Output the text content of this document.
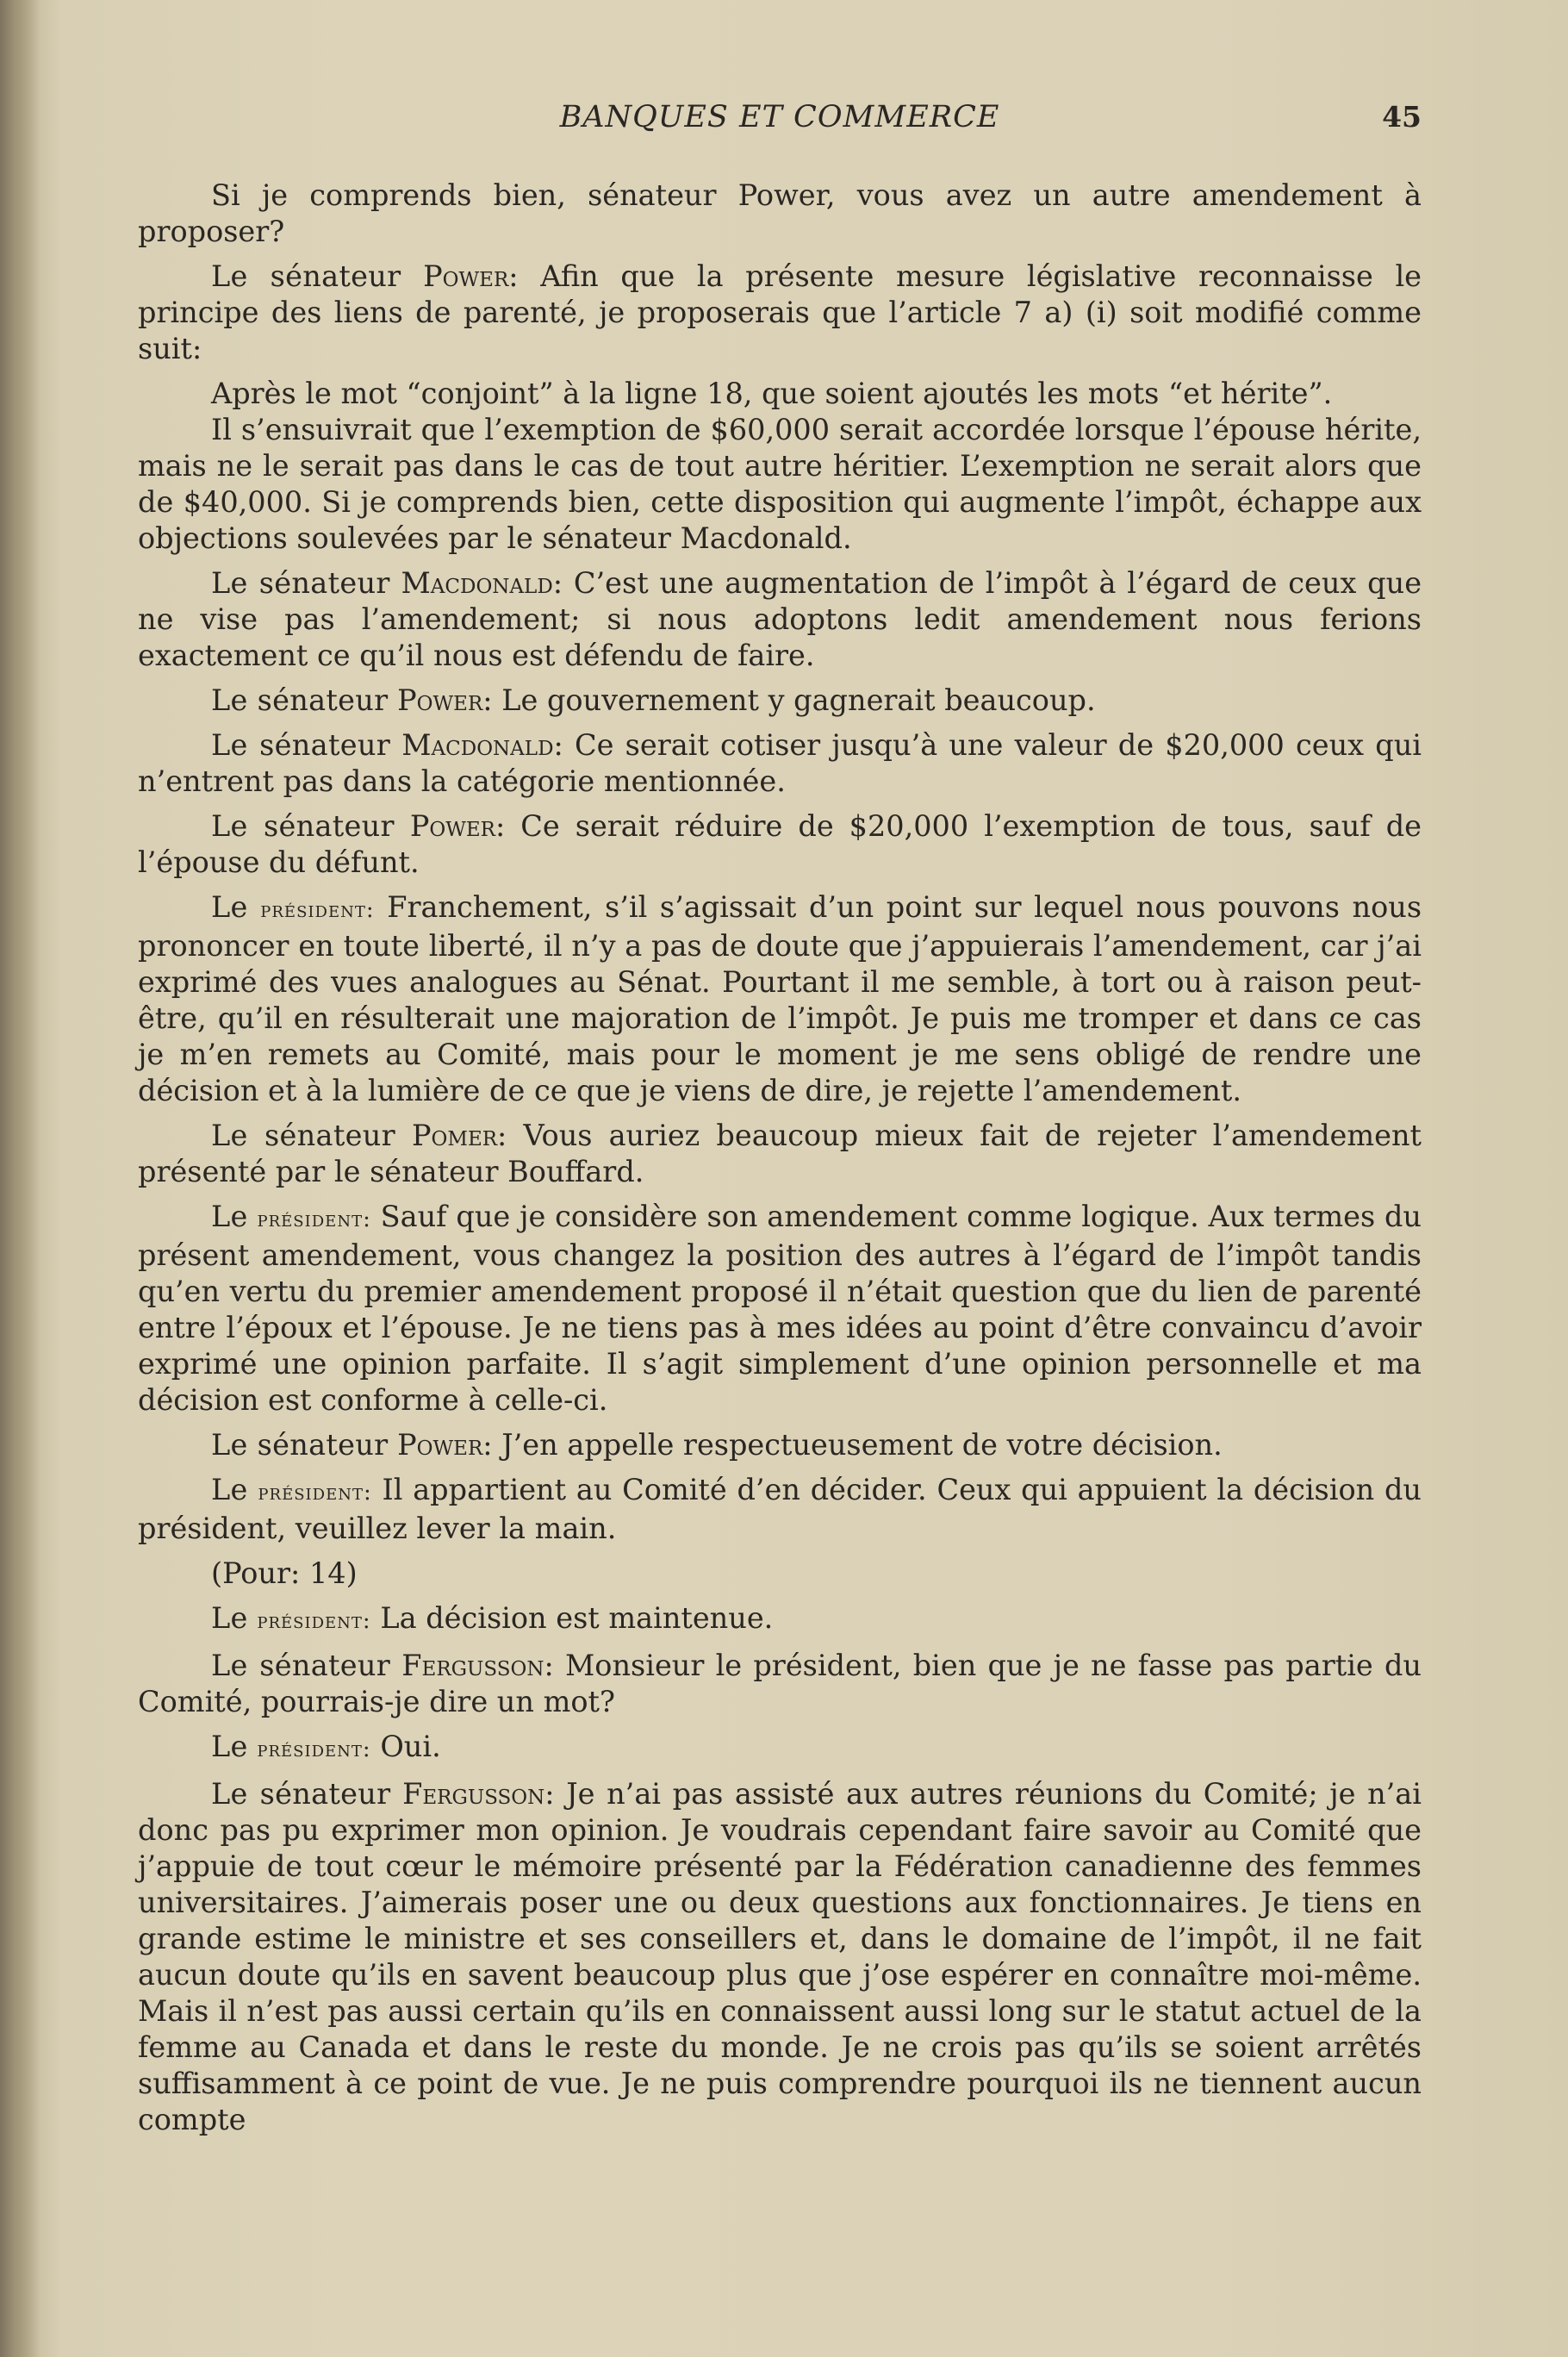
BANQUES ET COMMERCE	45

Si je comprends bien, sénateur Power, vous avez un autre amendement à proposer?

Le sénateur Power: Afin que la présente mesure législative reconnaisse le principe des liens de parenté, je proposerais que l’article 7 a) (i) soit modifié comme suit:

Après le mot “conjoint” à la ligne 18, que soient ajoutés les mots “et hérite”.

Il s’ensuivrait que l’exemption de $60,000 serait accordée lorsque l’épouse hérite, mais ne le serait pas dans le cas de tout autre héritier. L’exemption ne serait alors que de $40,000. Si je comprends bien, cette disposition qui augmente l’impôt, échappe aux objections soulevées par le sénateur Macdonald.

Le sénateur Macdonald: C’est une augmentation de l’impôt à l’égard de ceux que ne vise pas l’amendement; si nous adoptons ledit amendement nous ferions exactement ce qu’il nous est défendu de faire.

Le sénateur Power: Le gouvernement y gagnerait beaucoup.

Le sénateur Macdonald: Ce serait cotiser jusqu’à une valeur de $20,000 ceux qui n’entrent pas dans la catégorie mentionnée.

Le sénateur Power: Ce serait réduire de $20,000 l’exemption de tous, sauf de l’épouse du défunt.

Le président: Franchement, s’il s’agissait d’un point sur lequel nous pouvons nous prononcer en toute liberté, il n’y a pas de doute que j’appuierais l’amendement, car j’ai exprimé des vues analogues au Sénat. Pourtant il me semble, à tort ou à raison peut-être, qu’il en résulterait une majoration de l’impôt. Je puis me tromper et dans ce cas je m’en remets au Comité, mais pour le moment je me sens obligé de rendre une décision et à la lumière de ce que je viens de dire, je rejette l’amendement.

Le sénateur Pomer: Vous auriez beaucoup mieux fait de rejeter l’amendement présenté par le sénateur Bouffard.

Le président: Sauf que je considère son amendement comme logique. Aux termes du présent amendement, vous changez la position des autres à l’égard de l’impôt tandis qu’en vertu du premier amendement proposé il n’était question que du lien de parenté entre l’époux et l’épouse. Je ne tiens pas à mes idées au point d’être convaincu d’avoir exprimé une opinion parfaite. Il s’agit simplement d’une opinion personnelle et ma décision est conforme à celle-ci.

Le sénateur Power: J’en appelle respectueusement de votre décision.

Le président: Il appartient au Comité d’en décider. Ceux qui appuient la décision du président, veuillez lever la main.

(Pour: 14)

Le président: La décision est maintenue.

Le sénateur Fergusson: Monsieur le président, bien que je ne fasse pas partie du Comité, pourrais-je dire un mot?

Le président: Oui.

Le sénateur Fergusson: Je n’ai pas assisté aux autres réunions du Comité; je n’ai donc pas pu exprimer mon opinion. Je voudrais cependant faire savoir au Comité que j’appuie de tout cœur le mémoire présenté par la Fédération canadienne des femmes universitaires. J’aimerais poser une ou deux questions aux fonctionnaires. Je tiens en grande estime le ministre et ses conseillers et, dans le domaine de l’impôt, il ne fait aucun doute qu’ils en savent beaucoup plus que j’ose espérer en connaître moi-même. Mais il n’est pas aussi certain qu’ils en connaissent aussi long sur le statut actuel de la femme au Canada et dans le reste du monde. Je ne crois pas qu’ils se soient arrêtés suffisamment à ce point de vue. Je ne puis comprendre pourquoi ils ne tiennent aucun compte
